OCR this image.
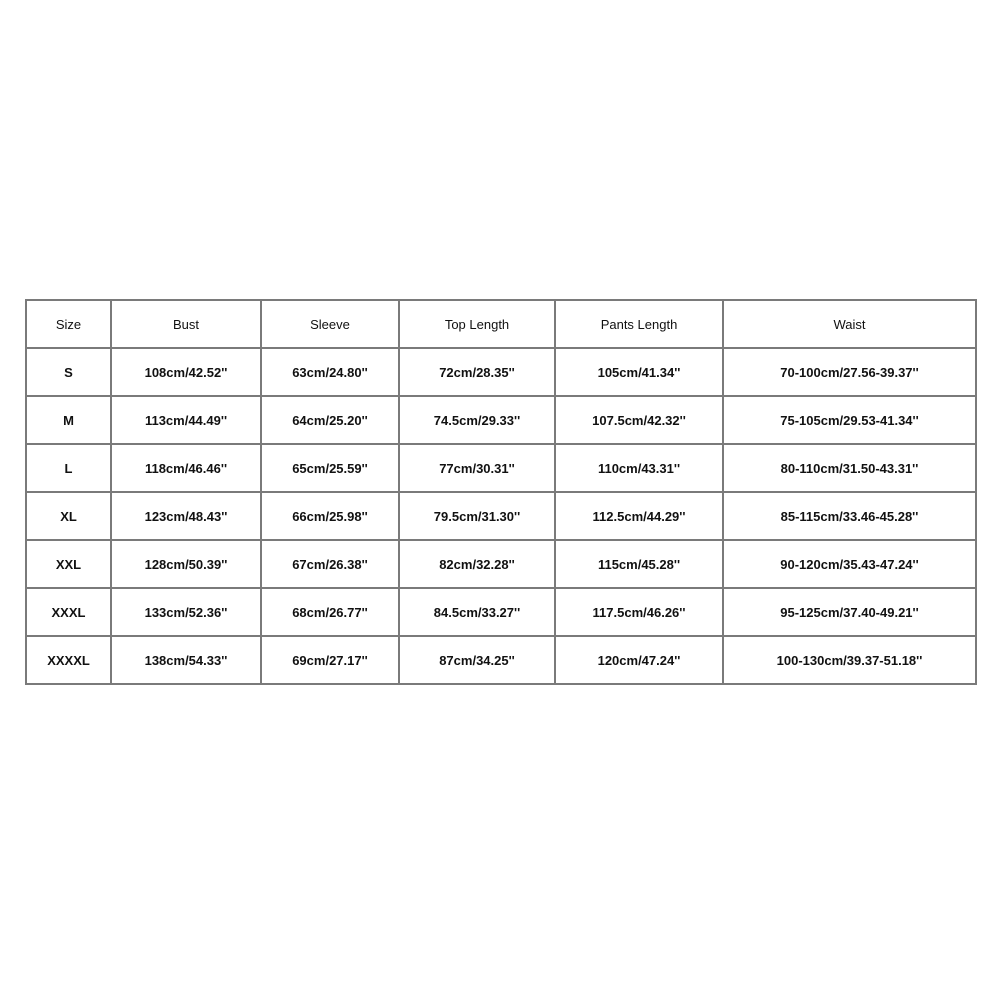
Size	Bust	Sleeve	Top Length	Pants Length	Waist
S	108cm/42.52''	63cm/24.80''	72cm/28.35''	105cm/41.34''	70-100cm/27.56-39.37''
M	113cm/44.49''	64cm/25.20''	74.5cm/29.33''	107.5cm/42.32''	75-105cm/29.53-41.34''
L	118cm/46.46''	65cm/25.59''	77cm/30.31''	110cm/43.31''	80-110cm/31.50-43.31''
XL	123cm/48.43''	66cm/25.98''	79.5cm/31.30''	112.5cm/44.29''	85-115cm/33.46-45.28''
XXL	128cm/50.39''	67cm/26.38''	82cm/32.28''	115cm/45.28''	90-120cm/35.43-47.24''
XXXL	133cm/52.36''	68cm/26.77''	84.5cm/33.27''	117.5cm/46.26''	95-125cm/37.40-49.21''
XXXXL	138cm/54.33''	69cm/27.17''	87cm/34.25''	120cm/47.24''	100-130cm/39.37-51.18''
